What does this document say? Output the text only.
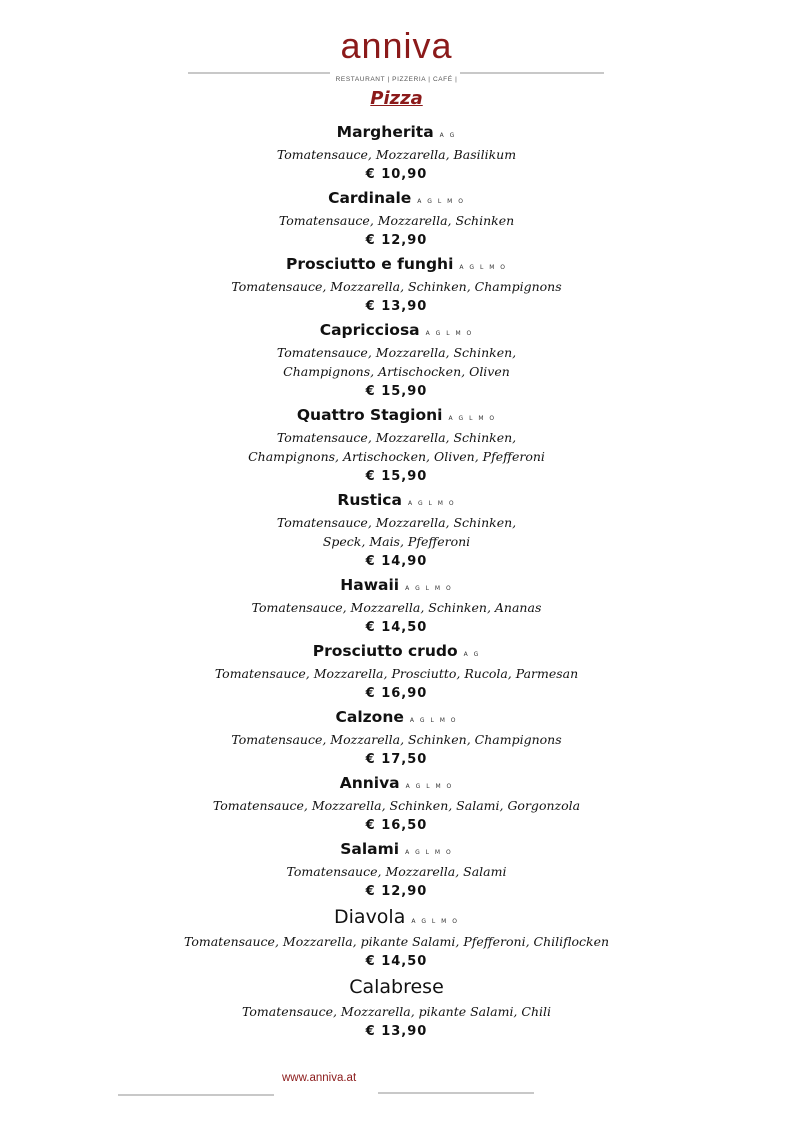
anniva
RESTAURANT | PIZZERIA | CAFÉ |
Pizza
Margherita A G
Tomatensauce, Mozzarella, Basilikum
€ 10,90
Cardinale A G L M O
Tomatensauce, Mozzarella, Schinken
€ 12,90
Prosciutto e funghi A G L M O
Tomatensauce, Mozzarella, Schinken, Champignons
€ 13,90
Capricciosa A G L M O
Tomatensauce, Mozzarella, Schinken,
Champignons, Artischocken, Oliven
€ 15,90
Quattro Stagioni A G L M O
Tomatensauce, Mozzarella, Schinken,
Champignons, Artischocken, Oliven, Pfefferoni
€ 15,90
Rustica A G L M O
Tomatensauce, Mozzarella, Schinken,
Speck, Mais, Pfefferoni
€ 14,90
Hawaii A G L M O
Tomatensauce, Mozzarella, Schinken, Ananas
€ 14,50
Prosciutto crudo A G
Tomatensauce, Mozzarella, Prosciutto, Rucola, Parmesan
€ 16,90
Calzone A G L M O
Tomatensauce, Mozzarella, Schinken, Champignons
€ 17,50
Anniva A G L M O
Tomatensauce, Mozzarella, Schinken, Salami, Gorgonzola
€ 16,50
Salami A G L M O
Tomatensauce, Mozzarella, Salami
€ 12,90
Diavola A G L M O
Tomatensauce, Mozzarella, pikante Salami, Pfefferoni, Chiliflocken
€ 14,50
Calabrese
Tomatensauce, Mozzarella, pikante Salami, Chili
€ 13,90
www.anniva.at
